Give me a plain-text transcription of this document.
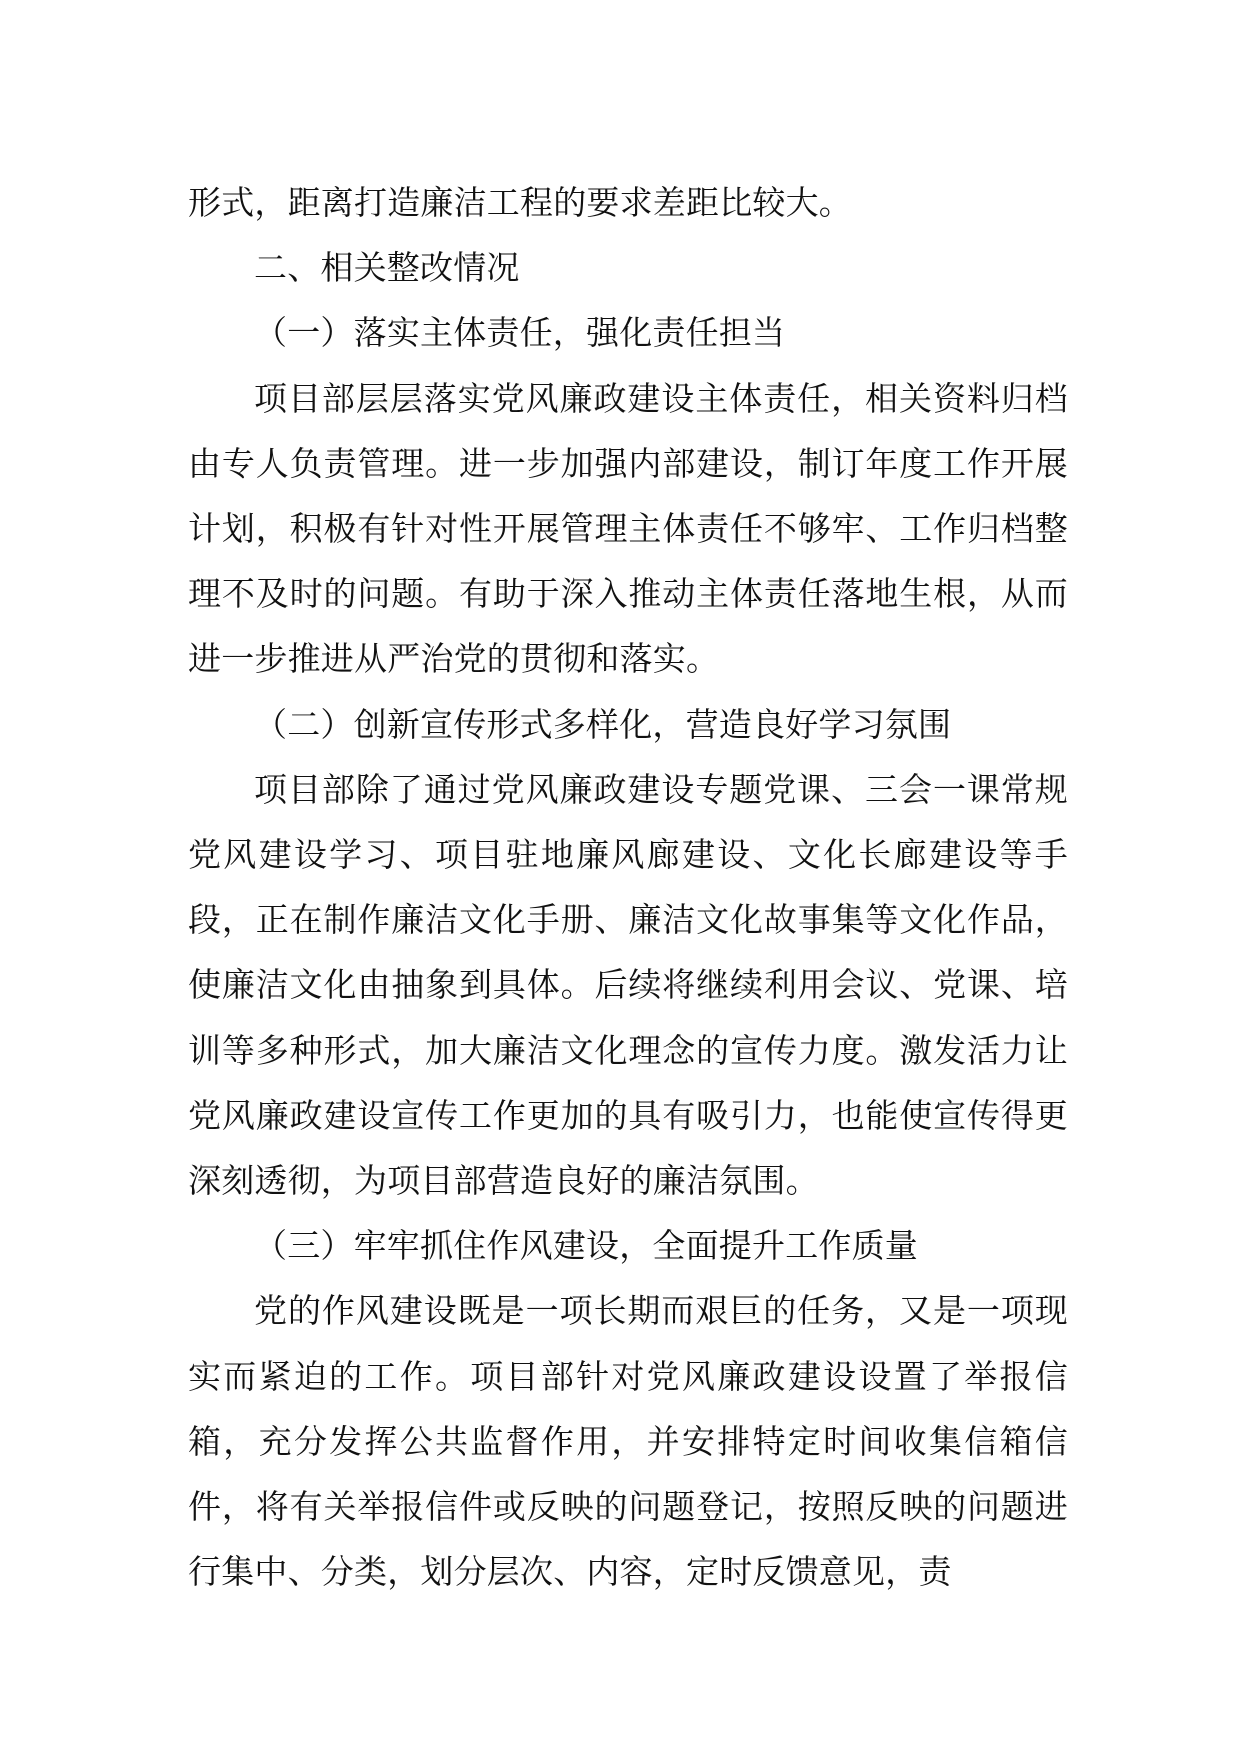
形式，距离打造廉洁工程的要求差距比较大。

二、相关整改情况

（一）落实主体责任，强化责任担当

项目部层层落实党风廉政建设主体责任，相关资料归档由专人负责管理。进一步加强内部建设，制订年度工作开展计划，积极有针对性开展管理主体责任不够牢、工作归档整理不及时的问题。有助于深入推动主体责任落地生根，从而进一步推进从严治党的贯彻和落实。

（二）创新宣传形式多样化，营造良好学习氛围

项目部除了通过党风廉政建设专题党课、三会一课常规党风建设学习、项目驻地廉风廊建设、文化长廊建设等手段，正在制作廉洁文化手册、廉洁文化故事集等文化作品，使廉洁文化由抽象到具体。后续将继续利用会议、党课、培训等多种形式，加大廉洁文化理念的宣传力度。激发活力让党风廉政建设宣传工作更加的具有吸引力，也能使宣传得更深刻透彻，为项目部营造良好的廉洁氛围。

（三）牢牢抓住作风建设，全面提升工作质量

党的作风建设既是一项长期而艰巨的任务，又是一项现实而紧迫的工作。项目部针对党风廉政建设设置了举报信箱，充分发挥公共监督作用，并安排特定时间收集信箱信件，将有关举报信件或反映的问题登记，按照反映的问题进行集中、分类，划分层次、内容，定时反馈意见，责
